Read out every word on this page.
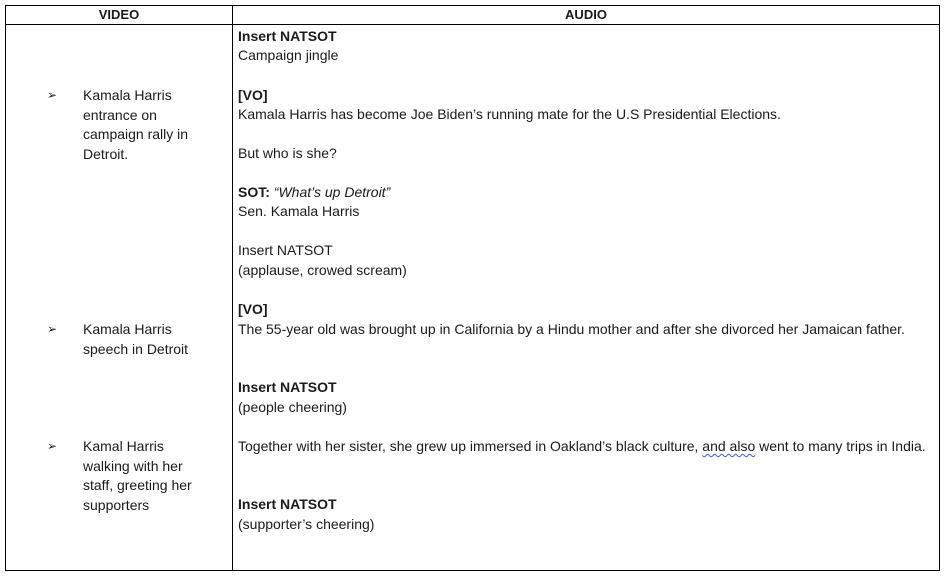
VIDEO	AUDIO
➢ Kamala Harris entrance on campaign rally in Detroit.
➢ Kamala Harris speech in Detroit
➢ Kamal Harris walking with her staff, greeting her supporters
Insert NATSOT
Campaign jingle
[VO]
Kamala Harris has become Joe Biden’s running mate for the U.S Presidential Elections.
But who is she?
SOT: “What’s up Detroit”
Sen. Kamala Harris
Insert NATSOT
(applause, crowed scream)
[VO]
The 55-year old was brought up in California by a Hindu mother and after she divorced her Jamaican father.
Insert NATSOT
(people cheering)
Together with her sister, she grew up immersed in Oakland’s black culture, and also went to many trips in India.
Insert NATSOT
(supporter’s cheering)
